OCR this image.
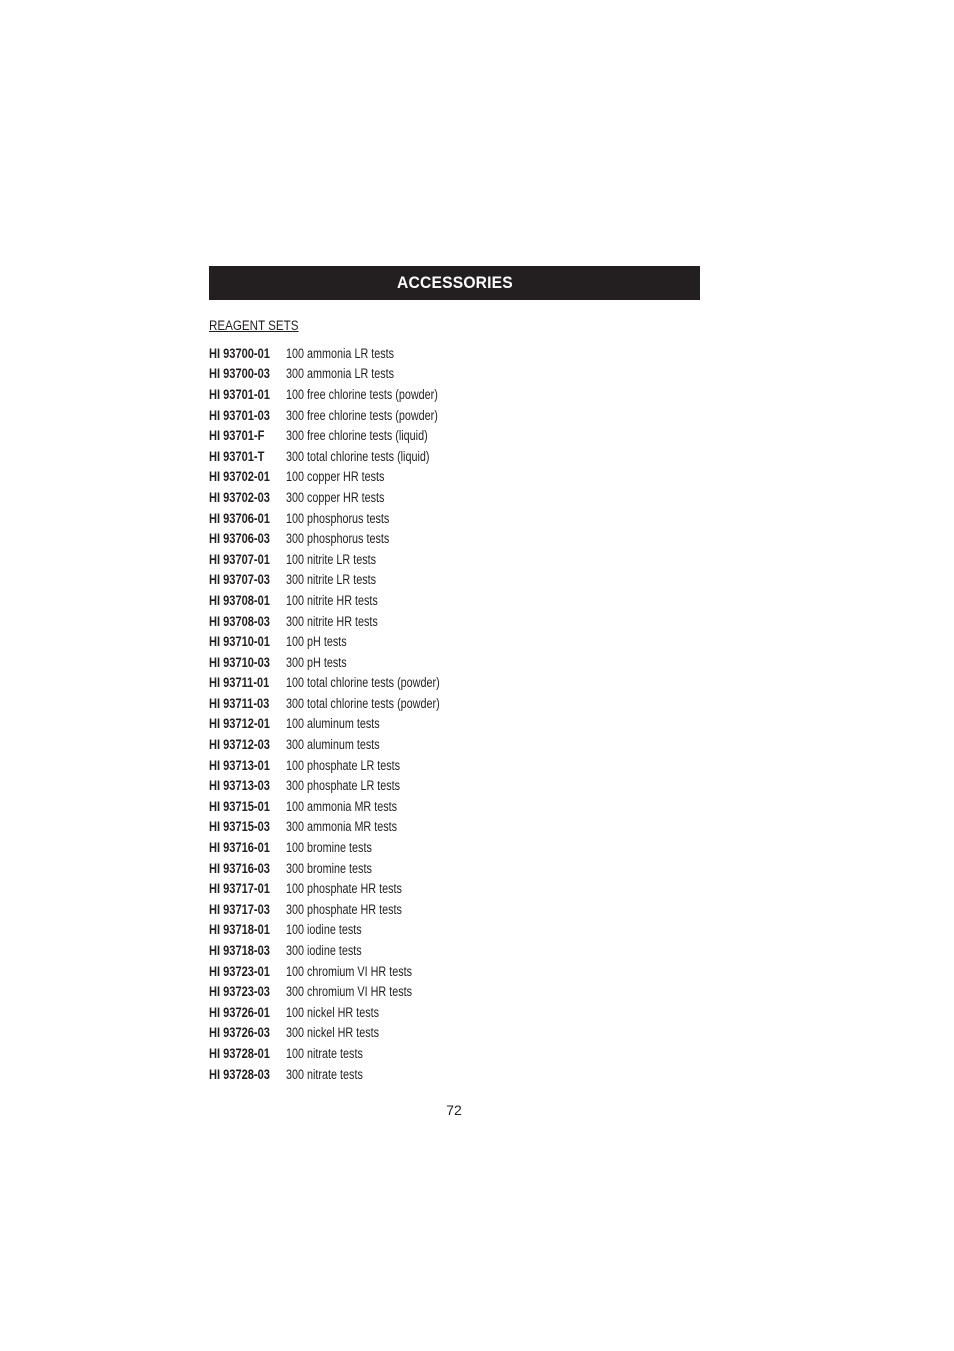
ACCESSORIES
REAGENT SETS
HI 93700-01 100 ammonia LR tests
HI 93700-03 300 ammonia LR tests
HI 93701-01 100 free chlorine tests (powder)
HI 93701-03 300 free chlorine tests (powder)
HI 93701-F	300 free chlorine tests (liquid)
HI 93701-T	300 total chlorine tests (liquid)
HI 93702-01 100 copper HR tests
HI 93702-03 300 copper HR tests
HI 93706-01 100 phosphorus tests
HI 93706-03 300 phosphorus tests
HI 93707-01 100 nitrite LR tests
HI 93707-03 300 nitrite LR tests
HI 93708-01 100 nitrite HR tests
HI 93708-03 300 nitrite HR tests
HI 93710-01 100 pH tests
HI 93710-03 300 pH tests
HI 93711-01 100 total chlorine tests (powder)
HI 93711-03 300 total chlorine tests (powder)
HI 93712-01 100 aluminum tests
HI 93712-03 300 aluminum tests
HI 93713-01 100 phosphate LR tests
HI 93713-03 300 phosphate LR tests
HI 93715-01 100 ammonia MR tests
HI 93715-03 300 ammonia MR tests
HI 93716-01 100 bromine tests
HI 93716-03 300 bromine tests
HI 93717-01 100 phosphate HR tests
HI 93717-03 300 phosphate HR tests
HI 93718-01 100 iodine tests
HI 93718-03 300 iodine tests
HI 93723-01 100 chromium VI HR tests
HI 93723-03 300 chromium VI HR tests
HI 93726-01 100 nickel HR tests
HI 93726-03 300 nickel HR tests
HI 93728-01 100 nitrate tests
HI 93728-03 300 nitrate tests
72
